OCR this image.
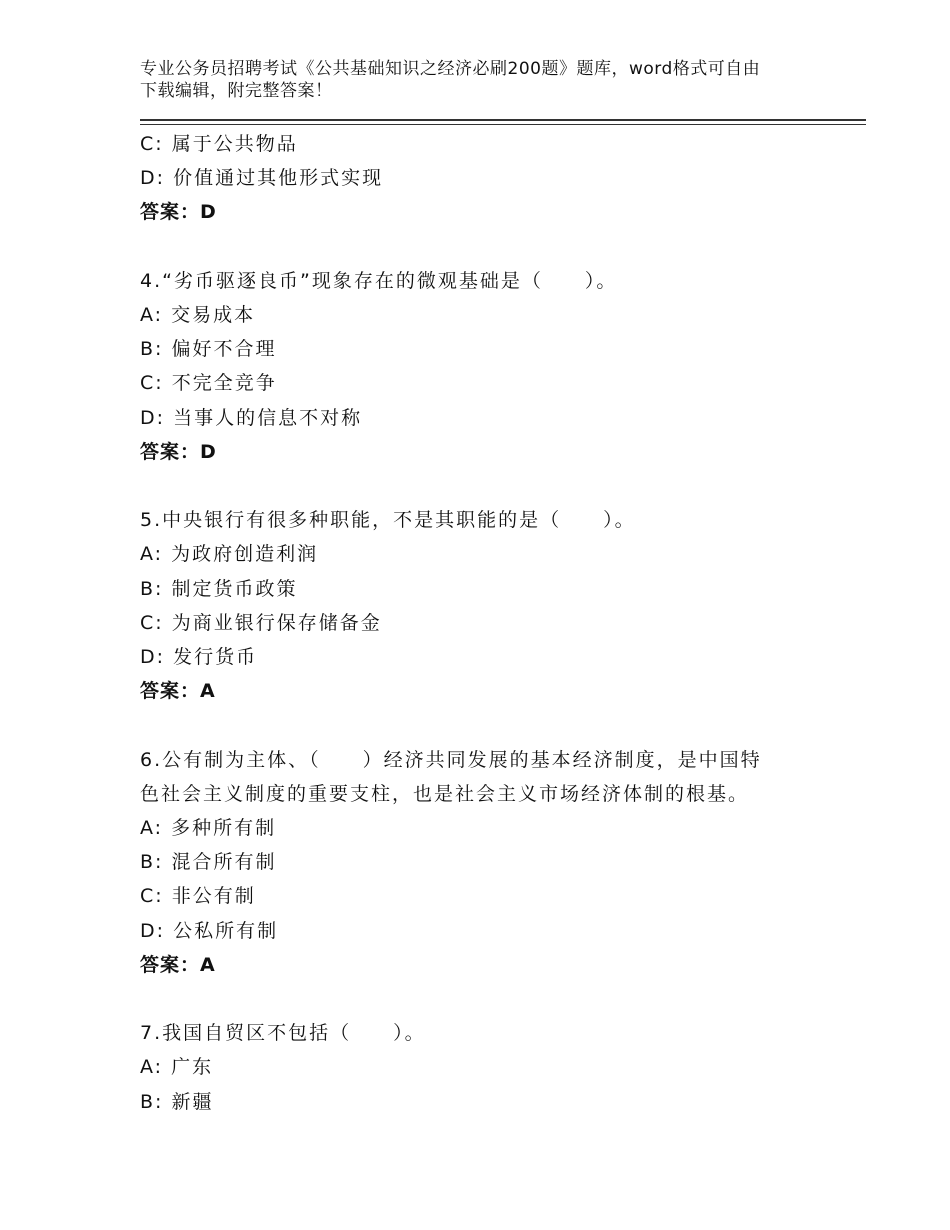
专业公务员招聘考试《公共基础知识之经济必刷200题》题库，word格式可自由
下载编辑，附完整答案！
C: 属于公共物品
D: 价值通过其他形式实现
答案：D
4.“劣币驱逐良币”现象存在的微观基础是（　　）。
A: 交易成本
B: 偏好不合理
C: 不完全竞争
D: 当事人的信息不对称
答案：D
5.中央银行有很多种职能，不是其职能的是（　　）。
A: 为政府创造利润
B: 制定货币政策
C: 为商业银行保存储备金
D: 发行货币
答案：A
6.公有制为主体、（　　）经济共同发展的基本经济制度，是中国特
色社会主义制度的重要支柱，也是社会主义市场经济体制的根基。
A: 多种所有制
B: 混合所有制
C: 非公有制
D: 公私所有制
答案：A
7.我国自贸区不包括（　　）。
A: 广东
B: 新疆
